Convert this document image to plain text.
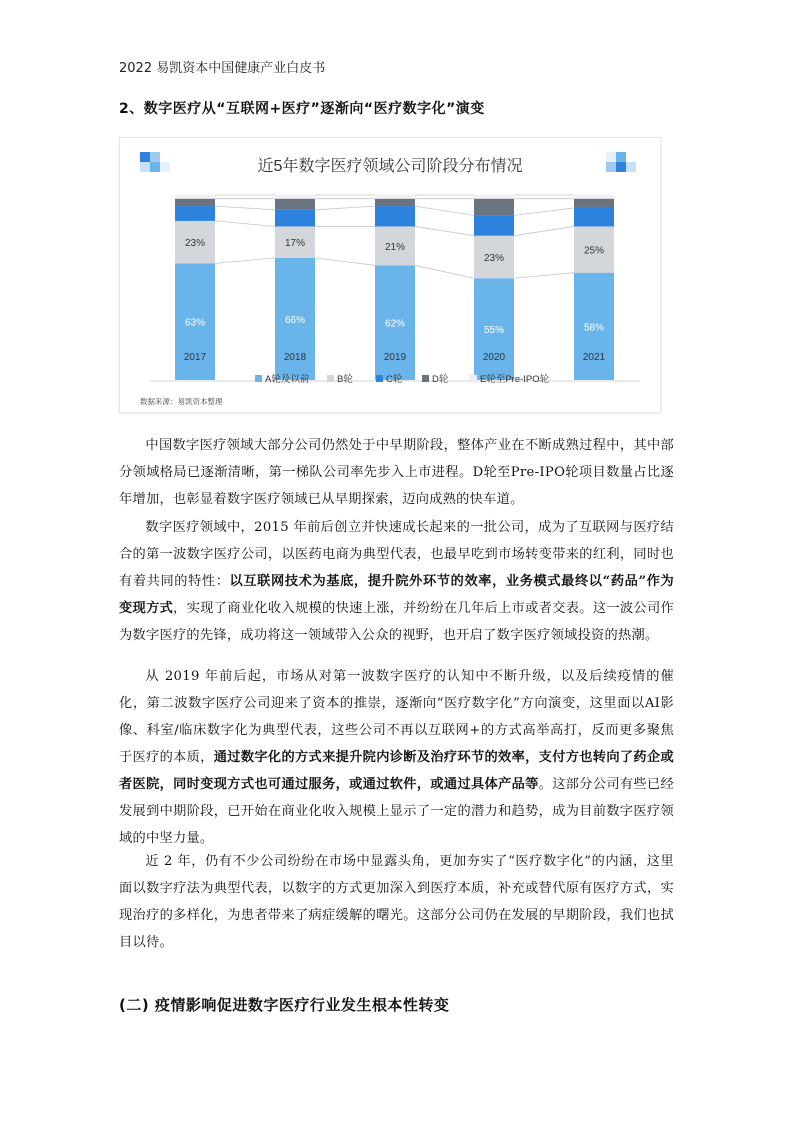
2022 易凯资本中国健康产业白皮书
2、数字医疗从“互联网+医疗”逐渐向“医疗数字化”演变
近5年数字医疗领域公司阶段分布情况
63%
23%
66%
17%
62%
21%
55%
23%
58%
25%
2017	2018	2019	2020	2021
A轮及以前	B轮	C轮	D轮	E轮至Pre-IPO轮
数据来源：易凯资本整理
中国数字医疗领域大部分公司仍然处于中早期阶段，整体产业在不断成熟过程中，其中部分领域格局已逐渐清晰，第一梯队公司率先步入上市进程。D轮至Pre-IPO轮项目数量占比逐年增加，也彰显着数字医疗领域已从早期探索，迈向成熟的快车道。
数字医疗领域中，2015 年前后创立并快速成长起来的一批公司，成为了互联网与医疗结合的第一波数字医疗公司，以医药电商为典型代表，也最早吃到市场转变带来的红利，同时也有着共同的特性：以互联网技术为基底，提升院外环节的效率，业务模式最终以“药品”作为变现方式，实现了商业化收入规模的快速上涨，并纷纷在几年后上市或者交表。这一波公司作为数字医疗的先锋，成功将这一领域带入公众的视野，也开启了数字医疗领域投资的热潮。
从 2019 年前后起，市场从对第一波数字医疗的认知中不断升级，以及后续疫情的催化，第二波数字医疗公司迎来了资本的推崇，逐渐向“医疗数字化”方向演变，这里面以AI影像、科室/临床数字化为典型代表，这些公司不再以互联网+的方式高举高打，反而更多聚焦于医疗的本质，通过数字化的方式来提升院内诊断及治疗环节的效率，支付方也转向了药企或者医院，同时变现方式也可通过服务，或通过软件，或通过具体产品等。这部分公司有些已经发展到中期阶段，已开始在商业化收入规模上显示了一定的潜力和趋势，成为目前数字医疗领域的中坚力量。
近 2 年，仍有不少公司纷纷在市场中显露头角，更加夯实了“医疗数字化”的内涵，这里面以数字疗法为典型代表，以数字的方式更加深入到医疗本质，补充或替代原有医疗方式，实现治疗的多样化，为患者带来了病症缓解的曙光。这部分公司仍在发展的早期阶段，我们也拭目以待。
(二) 疫情影响促进数字医疗行业发生根本性转变
